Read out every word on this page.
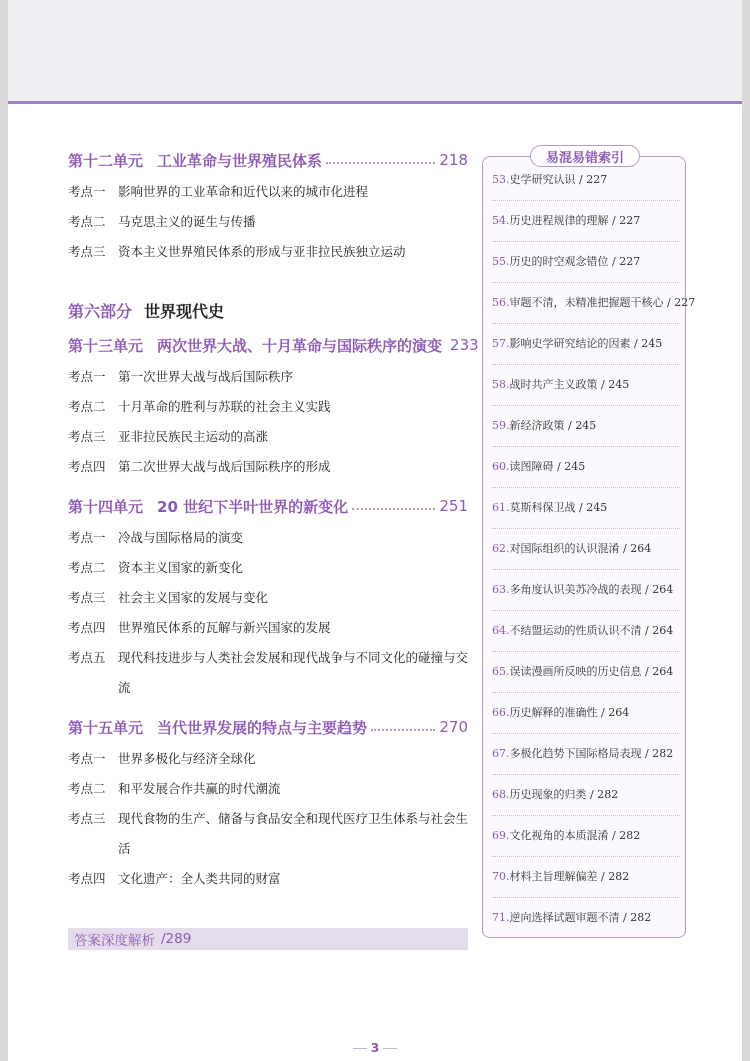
第十二单元 工业革命与世界殖民体系	218
考点一 影响世界的工业革命和近代以来的城市化进程
考点二 马克思主义的诞生与传播
考点三 资本主义世界殖民体系的形成与亚非拉民族独立运动
第六部分 世界现代史
第十三单元 两次世界大战、十月革命与国际秩序的演变 233
考点一 第一次世界大战与战后国际秩序
考点二 十月革命的胜利与苏联的社会主义实践
考点三 亚非拉民族民主运动的高涨
考点四 第二次世界大战与战后国际秩序的形成
第十四单元 20 世纪下半叶世界的新变化	251
考点一 冷战与国际格局的演变
考点二 资本主义国家的新变化
考点三 社会主义国家的发展与变化
考点四 世界殖民体系的瓦解与新兴国家的发展
考点五 现代科技进步与人类社会发展和现代战争与不同文化的碰撞与交流
第十五单元 当代世界发展的特点与主要趋势	270
考点一 世界多极化与经济全球化
考点二 和平发展合作共赢的时代潮流
考点三 现代食物的生产、储备与食品安全和现代医疗卫生体系与社会生活
考点四 文化遗产：全人类共同的财富
答案深度解析 /289
易混易错索引
53.史学研究认识 / 227
54.历史进程规律的理解 / 227
55.历史的时空观念错位 / 227
56.审题不清，未精准把握题干核心 / 227
57.影响史学研究结论的因素 / 245
58.战时共产主义政策 / 245
59.新经济政策 / 245
60.读图障碍 / 245
61.莫斯科保卫战 / 245
62.对国际组织的认识混淆 / 264
63.多角度认识美苏冷战的表现 / 264
64.不结盟运动的性质认识不清 / 264
65.误读漫画所反映的历史信息 / 264
66.历史解释的准确性 / 264
67.多极化趋势下国际格局表现 / 282
68.历史现象的归类 / 282
69.文化视角的本质混淆 / 282
70.材料主旨理解偏差 / 282
71.逆向选择试题审题不清 / 282
3
